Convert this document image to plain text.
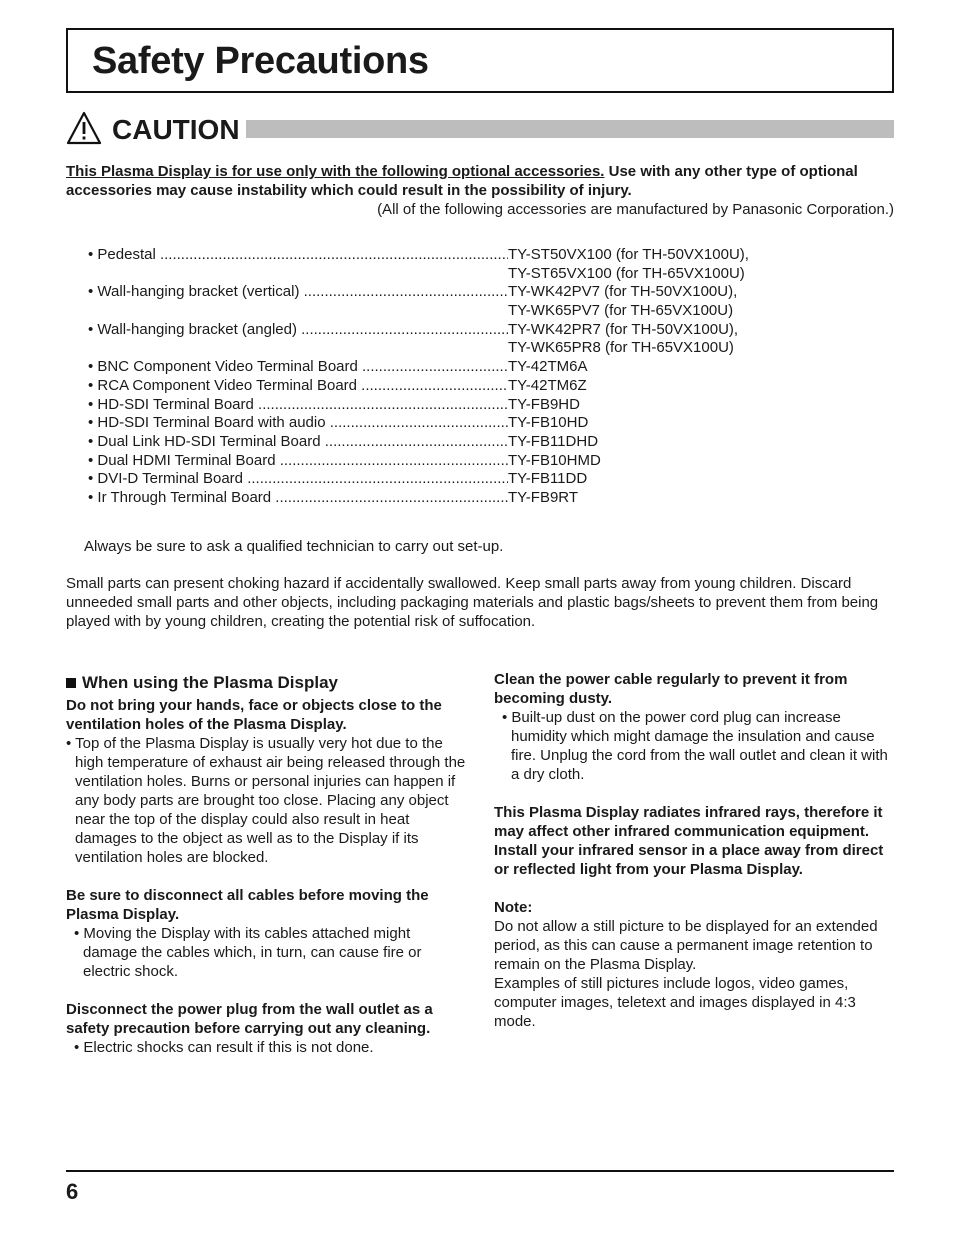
Safety Precautions
CAUTION

This Plasma Display is for use only with the following optional accessories. Use with any other type of optional accessories may cause instability which could result in the possibility of injury.

(All of the following accessories are manufactured by Panasonic Corporation.)

• Pedestal .....	TY-ST50VX100 (for TH-50VX100U),
TY-ST65VX100 (for TH-65VX100U)
• Wall-hanging bracket (vertical) .....	TY-WK42PV7 (for TH-50VX100U),
TY-WK65PV7 (for TH-65VX100U)
• Wall-hanging bracket (angled) .....	TY-WK42PR7 (for TH-50VX100U),
TY-WK65PR8 (for TH-65VX100U)
• BNC Component Video Terminal Board .....	TY-42TM6A
• RCA Component Video Terminal Board .....	TY-42TM6Z
• HD-SDI Terminal Board .....	TY-FB9HD
• HD-SDI Terminal Board with audio .....	TY-FB10HD
• Dual Link HD-SDI Terminal Board .....	TY-FB11DHD
• Dual HDMI Terminal Board .....	TY-FB10HMD
• DVI-D Terminal Board .....	TY-FB11DD
• Ir Through Terminal Board .....	TY-FB9RT
Always be sure to ask a qualified technician to carry out set-up.
Small parts can present choking hazard if accidentally swallowed. Keep small parts away from young children. Discard unneeded small parts and other objects, including packaging materials and plastic bags/sheets to prevent them from being played with by young children, creating the potential risk of suffocation.
When using the Plasma Display

Do not bring your hands, face or objects close to the ventilation holes of the Plasma Display.

• Top of the Plasma Display is usually very hot due to the high temperature of exhaust air being released through the ventilation holes. Burns or personal injuries can happen if any body parts are brought too close. Placing any object near the top of the display could also result in heat damages to the object as well as to the Display if its ventilation holes are blocked.

Be sure to disconnect all cables before moving the Plasma Display.

• Moving the Display with its cables attached might damage the cables which, in turn, can cause fire or electric shock.

Disconnect the power plug from the wall outlet as a safety precaution before carrying out any cleaning.

• Electric shocks can result if this is not done.

Clean the power cable regularly to prevent it from becoming dusty.

• Built-up dust on the power cord plug can increase humidity which might damage the insulation and cause fire. Unplug the cord from the wall outlet and clean it with a dry cloth.

This Plasma Display radiates infrared rays, therefore it may affect other infrared communication equipment.

Install your infrared sensor in a place away from direct or reflected light from your Plasma Display.

Note:

Do not allow a still picture to be displayed for an extended period, as this can cause a permanent image retention to remain on the Plasma Display.

Examples of still pictures include logos, video games, computer images, teletext and images displayed in 4:3 mode.

6
